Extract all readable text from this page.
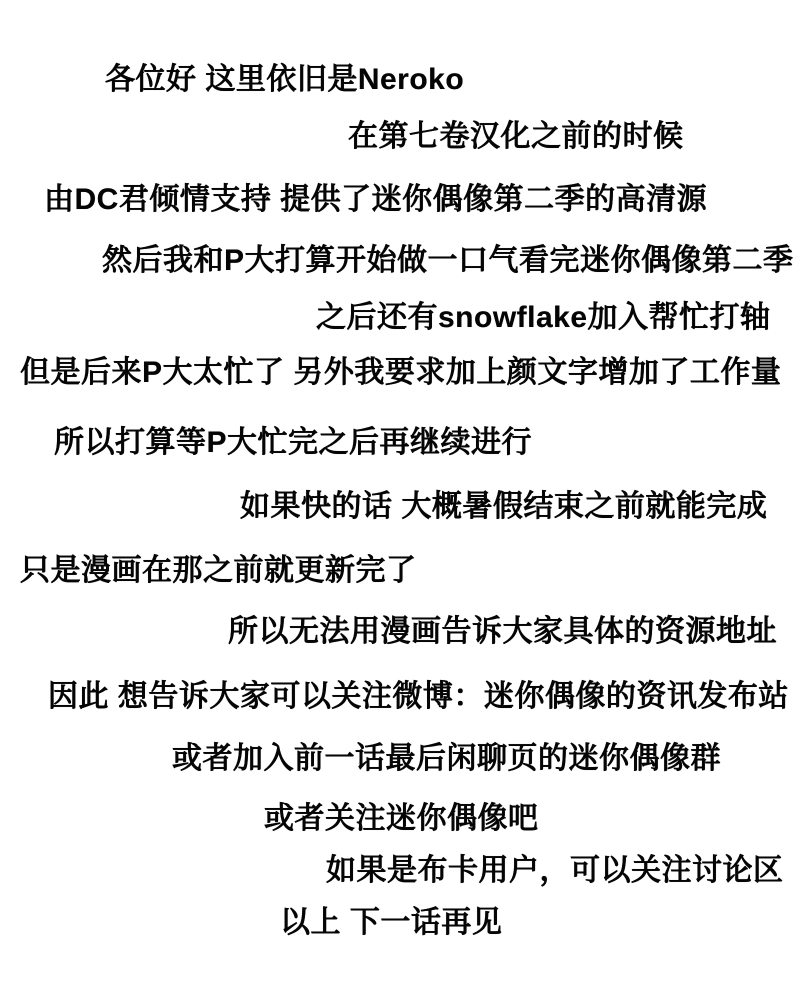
各位好 这里依旧是Neroko
在第七卷汉化之前的时候
由DC君倾情支持 提供了迷你偶像第二季的高清源
然后我和P大打算开始做一口气看完迷你偶像第二季
之后还有snowflake加入帮忙打轴
但是后来P大太忙了 另外我要求加上颜文字增加了工作量
所以打算等P大忙完之后再继续进行
如果快的话 大概暑假结束之前就能完成
只是漫画在那之前就更新完了
所以无法用漫画告诉大家具体的资源地址
因此 想告诉大家可以关注微博：迷你偶像的资讯发布站
或者加入前一话最后闲聊页的迷你偶像群
或者关注迷你偶像吧
如果是布卡用户，可以关注讨论区
以上 下一话再见
